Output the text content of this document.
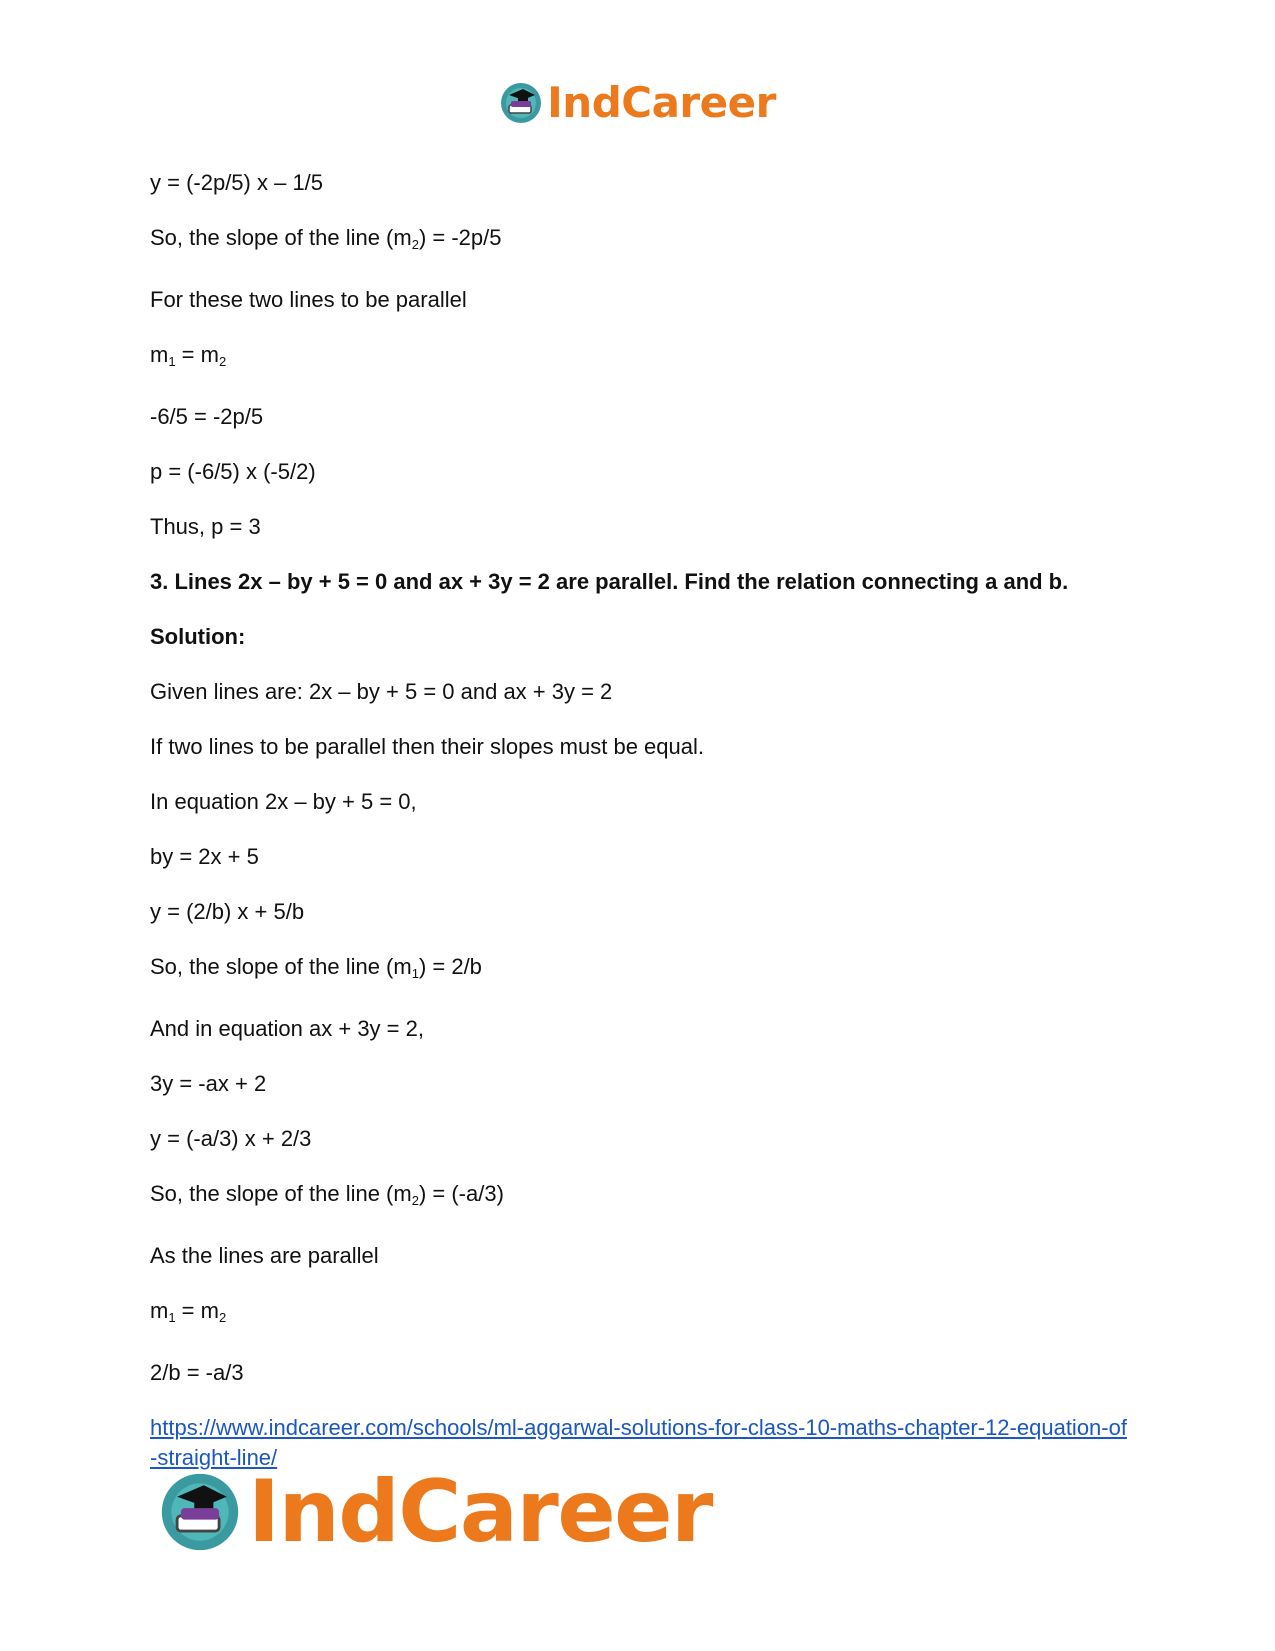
IndCareer
y = (-2p/5) x – 1/5
So, the slope of the line $(m_2) = -2p/5$
For these two lines to be parallel
$m_1 = m_2$
-6/5 = -2p/5
p = (-6/5) x (-5/2)
Thus, p = 3
3. Lines 2x – by + 5 = 0 and ax + 3y = 2 are parallel. Find the relation connecting a and b.
Solution:
Given lines are: 2x – by + 5 = 0 and ax + 3y = 2
If two lines to be parallel then their slopes must be equal.
In equation 2x – by + 5 = 0,
by = 2x + 5
y = (2/b) x + 5/b
So, the slope of the line $(m_1) = 2/b$
And in equation ax + 3y = 2,
3y = -ax + 2
y = (-a/3) x + 2/3
So, the slope of the line $(m_2) = (-a/3)$
As the lines are parallel
$m_1 = m_2$
2/b = -a/3
https://www.indcareer.com/schools/ml-aggarwal-solutions-for-class-10-maths-chapter-12-equation-of-straight-line/
IndCareer
